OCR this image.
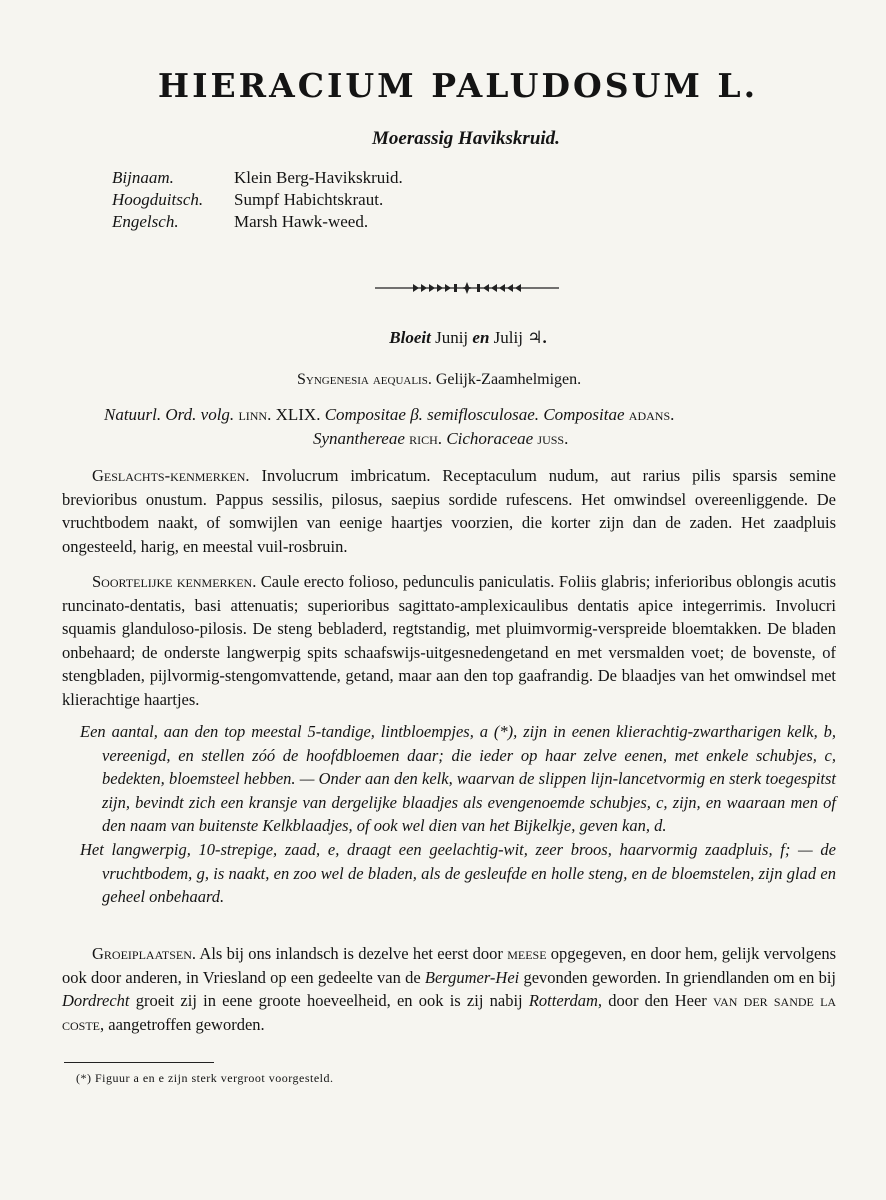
HIERACIUM PALUDOSUM L.
Moerassig Havikskruid.
Bijnaam.	Klein Berg-Havikskruid.
Hoogduitsch. Sumpf Habichtskraut.
Engelsch.	Marsh Hawk-weed.
Bloeit Junij en Julij ♃.
Syngenesia aequalis. Gelijk-Zaamhelmigen.
Natuurl. Ord. volg. linn. XLIX. Compositae β. semiflosculosae. Compositae adans.
Synanthereae rich. Cichoraceae juss.

Geslachts-kenmerken. Involucrum imbricatum. Receptaculum nudum, aut rarius pilis sparsis semine brevioribus onustum. Pappus sessilis, pilosus, saepius sordide rufescens. Het omwindsel overeenliggende. De vruchtbodem naakt, of somwijlen van eenige haartjes voorzien, die korter zijn dan de zaden. Het zaadpluis ongesteeld, harig, en meestal vuil-rosbruin.

Soortelijke kenmerken. Caule erecto folioso, pedunculis paniculatis. Foliis glabris; inferioribus oblongis acutis runcinato-dentatis, basi attenuatis; superioribus sagittato-amplexicaulibus dentatis apice integerrimis. Involucri squamis glanduloso-pilosis. De steng bebladerd, regtstandig, met pluimvormig-verspreide bloemtakken. De bladen onbehaard; de onderste langwerpig spits schaafswijs-uitgesnedengetand en met versmalden voet; de bovenste, of stengbladen, pijlvormig-stengomvattende, getand, maar aan den top gaafrandig. De blaadjes van het omwindsel met klierachtige haartjes.

Een aantal, aan den top meestal 5-tandige, lintbloempjes, a (*), zijn in eenen klierachtig-zwartharigen kelk, b, vereenigd, en stellen zóó de hoofdbloemen daar; die ieder op haar zelve eenen, met enkele schubjes, c, bedekten, bloemsteel hebben. — Onder aan den kelk, waarvan de slippen lijn-lancetvormig en sterk toegespitst zijn, bevindt zich een kransje van dergelijke blaadjes als evengenoemde schubjes, c, zijn, en waaraan men of den naam van buitenste Kelkblaadjes, of ook wel dien van het Bijkelkje, geven kan, d.

Het langwerpig, 10-strepige, zaad, e, draagt een geelachtig-wit, zeer broos, haarvormig zaadpluis, f; — de vruchtbodem, g, is naakt, en zoo wel de bladen, als de gesleufde en holle steng, en de bloemstelen, zijn glad en geheel onbehaard.

Groeiplaatsen. Als bij ons inlandsch is dezelve het eerst door meese opgegeven, en door hem, gelijk vervolgens ook door anderen, in Vriesland op een gedeelte van de Bergumer-Hei gevonden geworden. In griendlanden om en bij Dordrecht groeit zij in eene groote hoeveelheid, en ook is zij nabij Rotterdam, door den Heer van der sande la coste, aangetroffen geworden.

(*) Figuur a en e zijn sterk vergroot voorgesteld.
